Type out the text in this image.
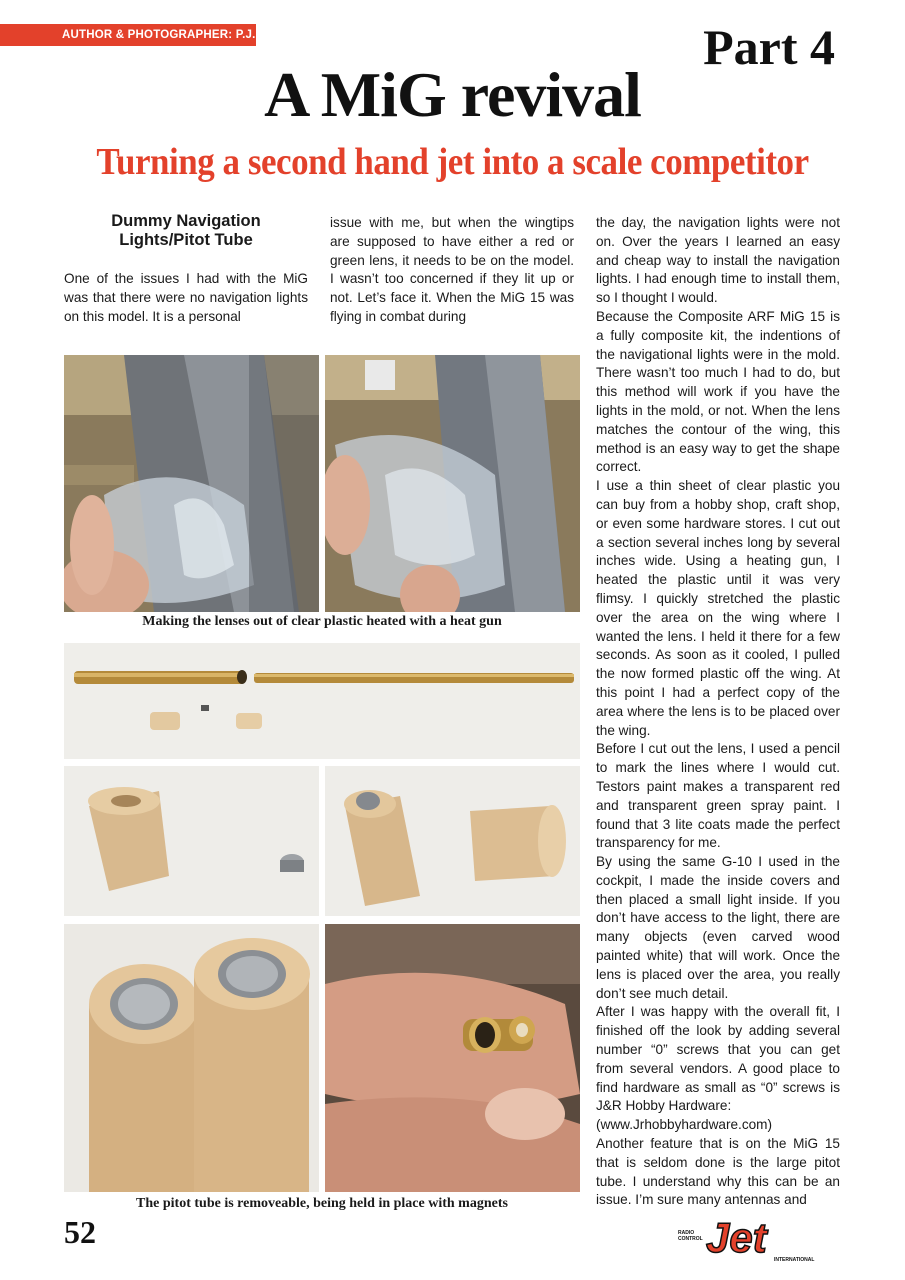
AUTHOR & PHOTOGRAPHER: P.J. ASH	Part 4
A MiG revival
Turning a second hand jet into a scale competitor

Dummy Navigation Lights/Pitot Tube

One of the issues I had with the MiG was that there were no navigation lights on this model. It is a personal

issue with me, but when the wingtips are supposed to have either a red or green lens, it needs to be on the model. I wasn’t too concerned if they lit up or not. Let’s face it. When the MiG 15 was flying in combat during

the day, the navigation lights were not on. Over the years I learned an easy and cheap way to install the navigation lights. I had enough time to install them, so I thought I would.

Because the Composite ARF MiG 15 is a fully composite kit, the indentions of the navigational lights were in the mold. There wasn’t too much I had to do, but this method will work if you have the lights in the mold, or not. When the lens matches the contour of the wing, this method is an easy way to get the shape correct.

I use a thin sheet of clear plastic you can buy from a hobby shop, craft shop, or even some hardware stores. I cut out a section several inches long by several inches wide. Using a heating gun, I heated the plastic until it was very flimsy. I quickly stretched the plastic over the area on the wing where I wanted the lens. I held it there for a few seconds. As soon as it cooled, I pulled the now formed plastic off the wing. At this point I had a perfect copy of the area where the lens is to be placed over the wing.

Before I cut out the lens, I used a pencil to mark the lines where I would cut. Testors paint makes a transparent red and transparent green spray paint. I found that 3 lite coats made the perfect transparency for me.

By using the same G-10 I used in the cockpit, I made the inside covers and then placed a small light inside. If you don’t have access to the light, there are many objects (even carved wood painted white) that will work. Once the lens is placed over the area, you really don’t see much detail.

After I was happy with the overall fit, I finished off the look by adding several number “0” screws that you can get from several vendors. A good place to find hardware as small as “0” screws is J&R Hobby Hardware:

(www.Jrhobbyhardware.com)

Another feature that is on the MiG 15 that is seldom done is the large pitot tube. I understand why this can be an issue. I’m sure many antennas and

Making the lenses out of clear plastic heated with a heat gun
The pitot tube is removeable, being held in place with magnets
52	Jet
RADIO
CONTROL
INTERNATIONAL
